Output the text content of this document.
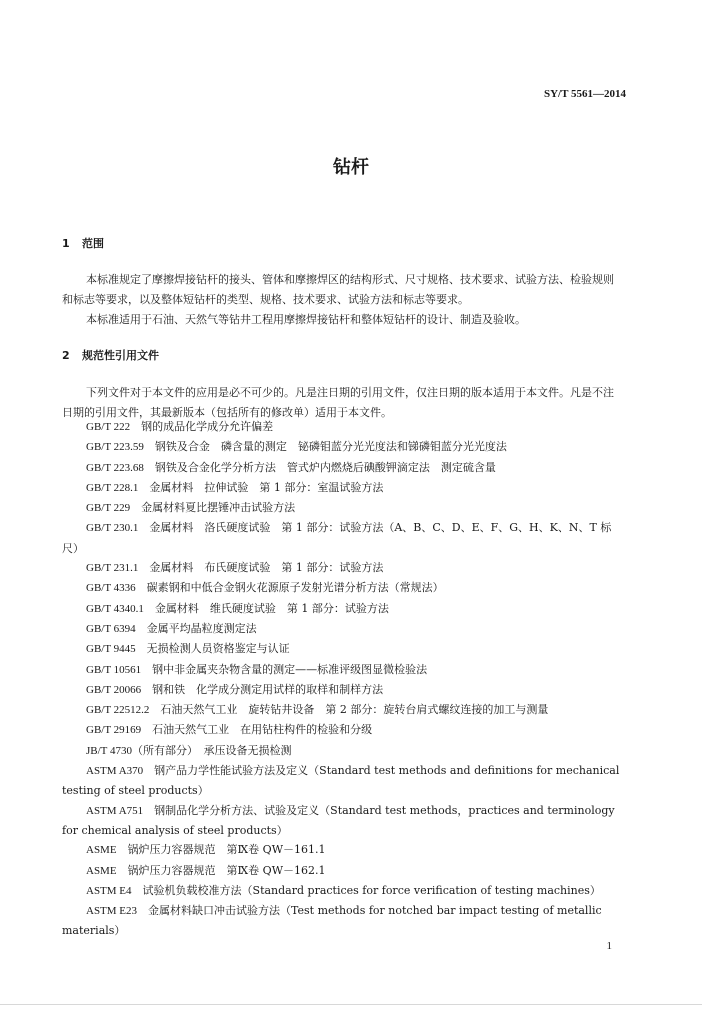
SY/T 5561—2014
钻杆
1 范围
本标准规定了摩擦焊接钻杆的接头、管体和摩擦焊区的结构形式、尺寸规格、技术要求、试验方法、检验规则和标志等要求，以及整体短钻杆的类型、规格、技术要求、试验方法和标志等要求。
本标准适用于石油、天然气等钻井工程用摩擦焊接钻杆和整体短钻杆的设计、制造及验收。
2 规范性引用文件
下列文件对于本文件的应用是必不可少的。凡是注日期的引用文件，仅注日期的版本适用于本文件。凡是不注日期的引用文件，其最新版本（包括所有的修改单）适用于本文件。
GB/T 222　 钢的成品化学成分允许偏差
GB/T 223.59　 钢铁及合金　磷含量的测定　铋磷钼蓝分光光度法和锑磷钼蓝分光光度法
GB/T 223.68　 钢铁及合金化学分析方法　管式炉内燃烧后碘酸钾滴定法　测定硫含量
GB/T 228.1　 金属材料　拉伸试验　第 1 部分：室温试验方法
GB/T 229　 金属材料夏比摆锤冲击试验方法
GB/T 230.1　 金属材料　洛氏硬度试验　第 1 部分：试验方法（A、B、C、D、E、F、G、H、K、N、T 标尺）
GB/T 231.1　 金属材料　布氏硬度试验　第 1 部分：试验方法
GB/T 4336　 碳素钢和中低合金钢火花源原子发射光谱分析方法（常规法）
GB/T 4340.1　 金属材料　维氏硬度试验　第 1 部分：试验方法
GB/T 6394　 金属平均晶粒度测定法
GB/T 9445　 无损检测人员资格鉴定与认证
GB/T 10561　 钢中非金属夹杂物含量的测定——标准评级图显微检验法
GB/T 20066　 钢和铁　化学成分测定用试样的取样和制样方法
GB/T 22512.2　 石油天然气工业　旋转钻井设备　第 2 部分：旋转台肩式螺纹连接的加工与测量
GB/T 29169　 石油天然气工业　在用钻柱构件的检验和分级
JB/T 4730（所有部分）　 承压设备无损检测
ASTM A370　 钢产品力学性能试验方法及定义（Standard test methods and definitions for mechanical testing of steel products）
ASTM A751　 钢制品化学分析方法、试验及定义（Standard test methods，practices and terminology for chemical analysis of steel products）
ASME　 锅炉压力容器规范　第Ⅸ卷 QW－161.1
ASME　 锅炉压力容器规范　第Ⅸ卷 QW－162.1
ASTM E4　 试验机负载校准方法（Standard practices for force verification of testing machines）
ASTM E23　 金属材料缺口冲击试验方法（Test methods for notched bar impact testing of metallic materials）
1
